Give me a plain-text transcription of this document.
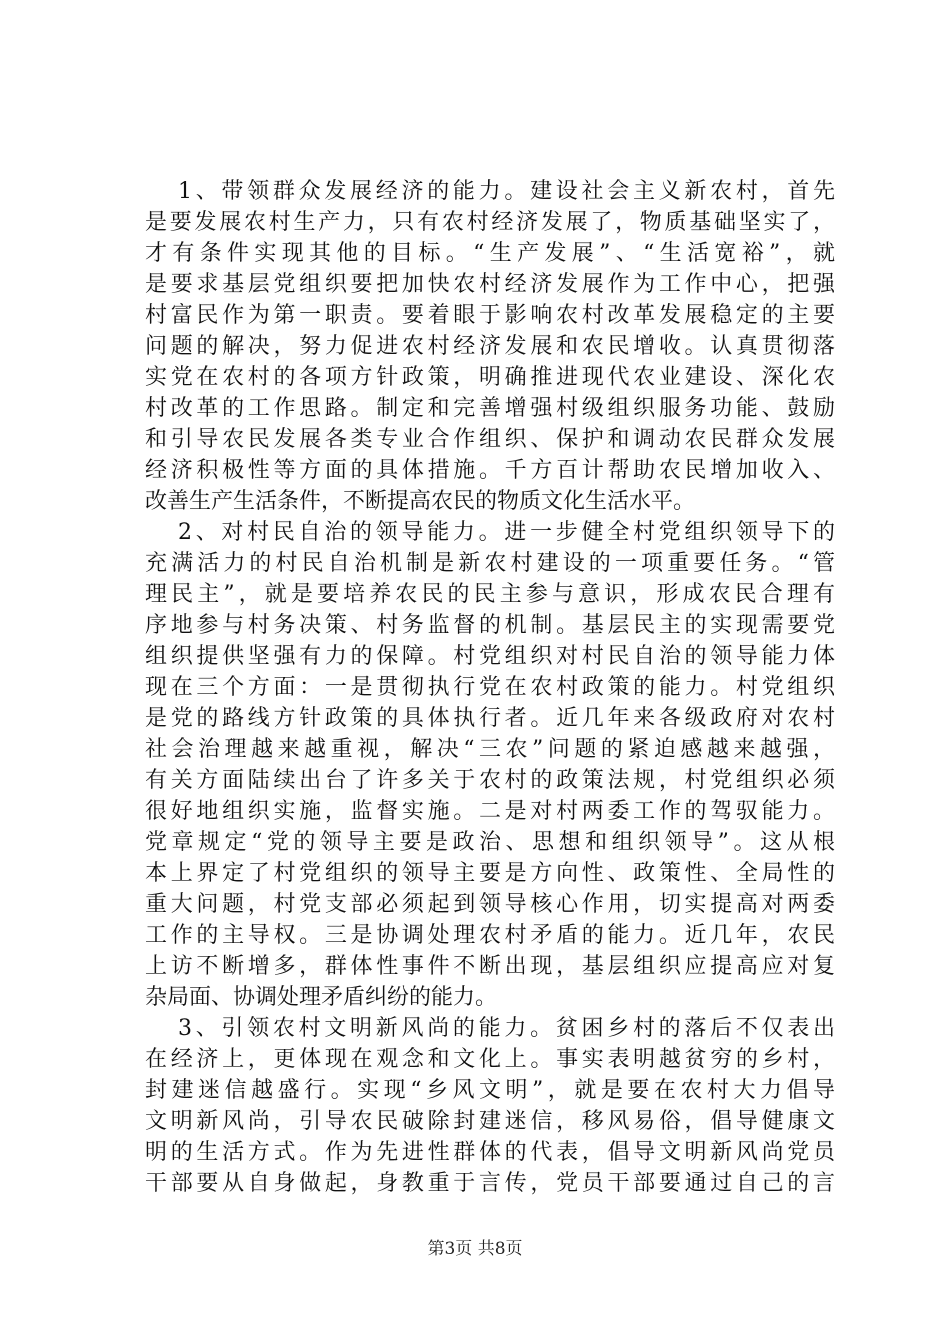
1、带领群众发展经济的能力。建设社会主义新农村，首先
是要发展农村生产力，只有农村经济发展了，物质基础坚实了，
才有条件实现其他的目标。“生产发展”、“生活宽裕”，就
是要求基层党组织要把加快农村经济发展作为工作中心，把强
村富民作为第一职责。要着眼于影响农村改革发展稳定的主要
问题的解决，努力促进农村经济发展和农民增收。认真贯彻落
实党在农村的各项方针政策，明确推进现代农业建设、深化农
村改革的工作思路。制定和完善增强村级组织服务功能、鼓励
和引导农民发展各类专业合作组织、保护和调动农民群众发展
经济积极性等方面的具体措施。千方百计帮助农民增加收入、
改善生产生活条件，不断提高农民的物质文化生活水平。
2、对村民自治的领导能力。进一步健全村党组织领导下的
充满活力的村民自治机制是新农村建设的一项重要任务。“管
理民主”，就是要培养农民的民主参与意识，形成农民合理有
序地参与村务决策、村务监督的机制。基层民主的实现需要党
组织提供坚强有力的保障。村党组织对村民自治的领导能力体
现在三个方面：一是贯彻执行党在农村政策的能力。村党组织
是党的路线方针政策的具体执行者。近几年来各级政府对农村
社会治理越来越重视，解决“三农”问题的紧迫感越来越强，
有关方面陆续出台了许多关于农村的政策法规，村党组织必须
很好地组织实施，监督实施。二是对村两委工作的驾驭能力。
党章规定“党的领导主要是政治、思想和组织领导”。这从根
本上界定了村党组织的领导主要是方向性、政策性、全局性的
重大问题，村党支部必须起到领导核心作用，切实提高对两委
工作的主导权。三是协调处理农村矛盾的能力。近几年，农民
上访不断增多，群体性事件不断出现，基层组织应提高应对复
杂局面、协调处理矛盾纠纷的能力。
3、引领农村文明新风尚的能力。贫困乡村的落后不仅表出
在经济上，更体现在观念和文化上。事实表明越贫穷的乡村，
封建迷信越盛行。实现“乡风文明”，就是要在农村大力倡导
第3页 共8页
文明新风尚，引导农民破除封建迷信，移风易俗，倡导健康文
明的生活方式。作为先进性群体的代表，倡导文明新风尚党员
干部要从自身做起，身教重于言传，党员干部要通过自己的言
